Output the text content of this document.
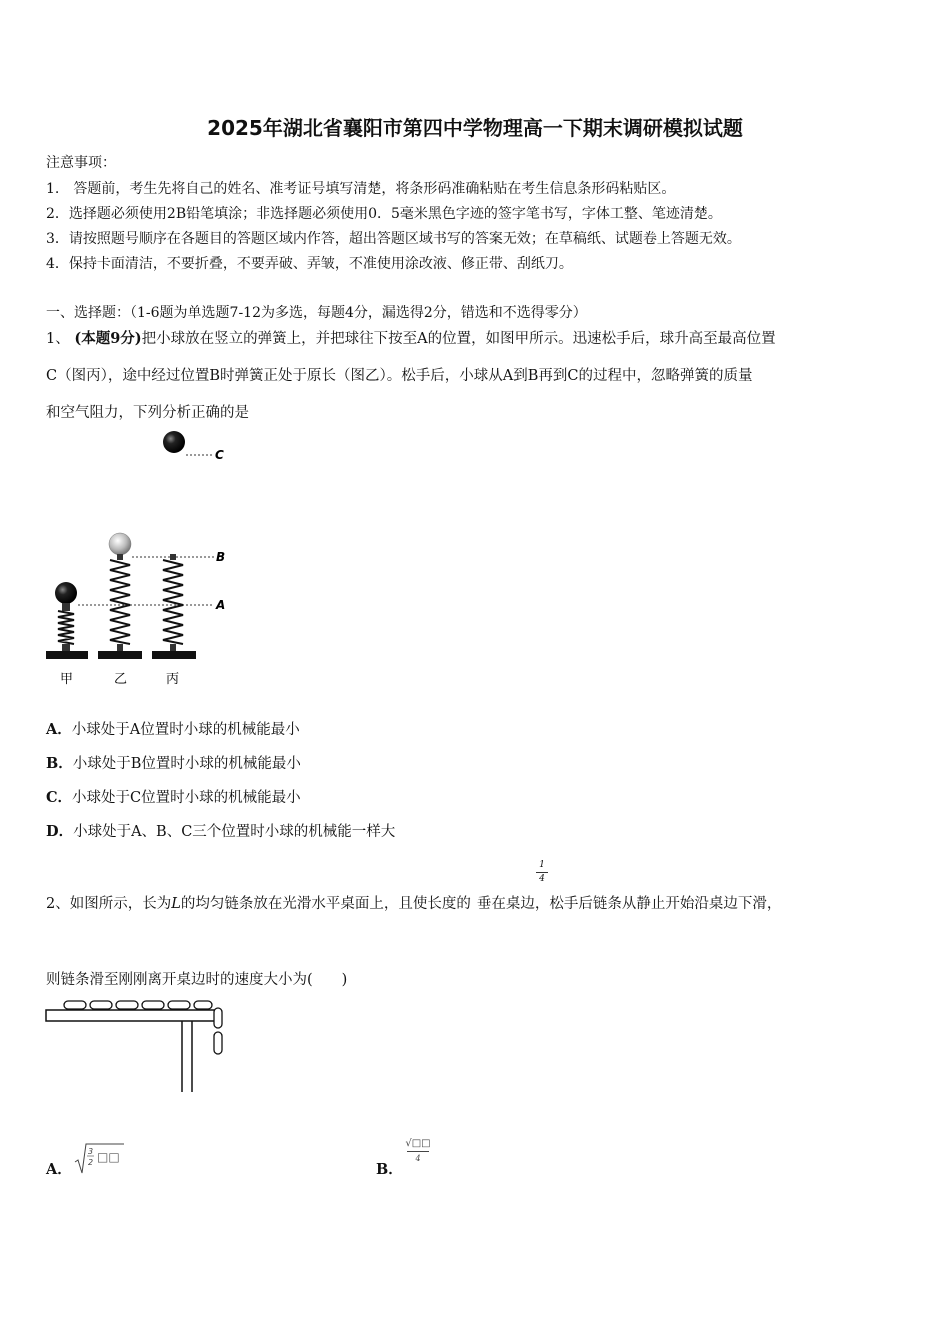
2025年湖北省襄阳市第四中学物理高一下期末调研模拟试题
注意事项：
1.　答题前，考生先将自己的姓名、准考证号填写清楚，将条形码准确粘贴在考生信息条形码粘贴区。
2．选择题必须使用2B铅笔填涂；非选择题必须使用0．5毫米黑色字迹的签字笔书写，字体工整、笔迹清楚。
3．请按照题号顺序在各题目的答题区域内作答，超出答题区域书写的答案无效；在草稿纸、试题卷上答题无效。
4．保持卡面清洁，不要折叠，不要弄破、弄皱，不准使用涂改液、修正带、刮纸刀。
一、选择题：（1-6题为单选题7-12为多选，每题4分，漏选得2分，错选和不选得零分）
1、 (本题9分)把小球放在竖立的弹簧上，并把球往下按至A的位置，如图甲所示。迅速松手后，球升高至最高位置
C（图丙），途中经过位置B时弹簧正处于原长（图乙）。松手后，小球从A到B再到C的过程中，忽略弹簧的质量
和空气阻力，下列分析正确的是
C
B
A
甲	乙	丙
A．小球处于A位置时小球的机械能最小
B．小球处于B位置时小球的机械能最小
C．小球处于C位置时小球的机械能最小
D．小球处于A、B、C三个位置时小球的机械能一样大
1
4
2、如图所示，长为L的均匀链条放在光滑水平桌面上，且使长度的 垂在桌边，松手后链条从静止开始沿桌边下滑，
则链条滑至刚刚离开桌边时的速度大小为(　　)
A．
3
2 □□
B．
√□□
4
